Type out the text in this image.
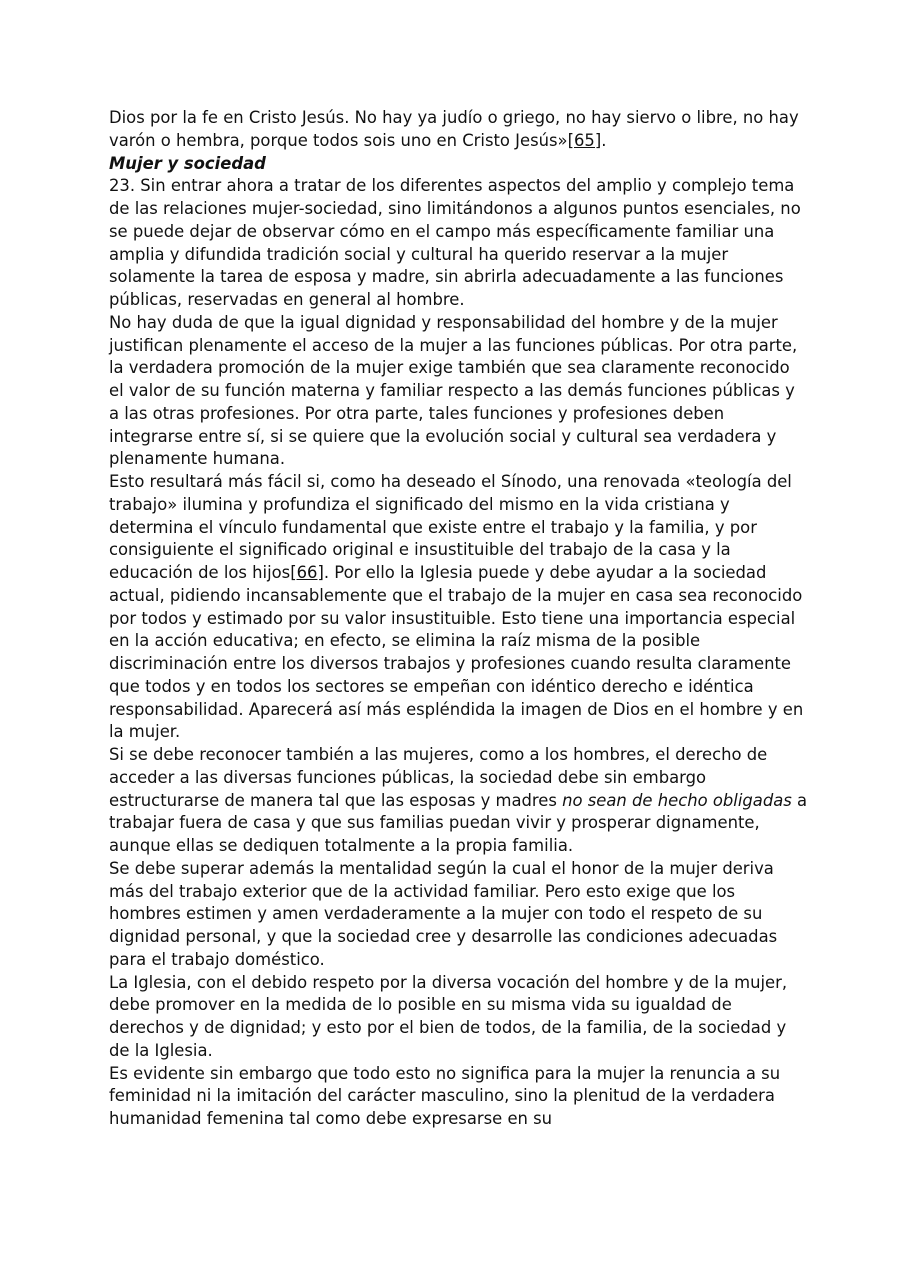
Dios por la fe en Cristo Jesús. No hay ya judío o griego, no hay siervo o libre, no hay varón o hembra, porque todos sois uno en Cristo Jesús»[65].

Mujer y sociedad

23. Sin entrar ahora a tratar de los diferentes aspectos del amplio y complejo tema de las relaciones mujer-sociedad, sino limitándonos a algunos puntos esenciales, no se puede dejar de observar cómo en el campo más específicamente familiar una amplia y difundida tradición social y cultural ha querido reservar a la mujer solamente la tarea de esposa y madre, sin abrirla adecuadamente a las funciones públicas, reservadas en general al hombre.

No hay duda de que la igual dignidad y responsabilidad del hombre y de la mujer justifican plenamente el acceso de la mujer a las funciones públicas. Por otra parte, la verdadera promoción de la mujer exige también que sea claramente reconocido el valor de su función materna y familiar respecto a las demás funciones públicas y a las otras profesiones. Por otra parte, tales funciones y profesiones deben integrarse entre sí, si se quiere que la evolución social y cultural sea verdadera y plenamente humana.

Esto resultará más fácil si, como ha deseado el Sínodo, una renovada «teología del trabajo» ilumina y profundiza el significado del mismo en la vida cristiana y determina el vínculo fundamental que existe entre el trabajo y la familia, y por consiguiente el significado original e insustituible del trabajo de la casa y la educación de los hijos[66]. Por ello la Iglesia puede y debe ayudar a la sociedad actual, pidiendo incansablemente que el trabajo de la mujer en casa sea reconocido por todos y estimado por su valor insustituible. Esto tiene una importancia especial en la acción educativa; en efecto, se elimina la raíz misma de la posible discriminación entre los diversos trabajos y profesiones cuando resulta claramente que todos y en todos los sectores se empeñan con idéntico derecho e idéntica responsabilidad. Aparecerá así más espléndida la imagen de Dios en el hombre y en la mujer.

Si se debe reconocer también a las mujeres, como a los hombres, el derecho de acceder a las diversas funciones públicas, la sociedad debe sin embargo estructurarse de manera tal que las esposas y madres no sean de hecho obligadas a trabajar fuera de casa y que sus familias puedan vivir y prosperar dignamente, aunque ellas se dediquen totalmente a la propia familia.

Se debe superar además la mentalidad según la cual el honor de la mujer deriva más del trabajo exterior que de la actividad familiar. Pero esto exige que los hombres estimen y amen verdaderamente a la mujer con todo el respeto de su dignidad personal, y que la sociedad cree y desarrolle las condiciones adecuadas para el trabajo doméstico.

La Iglesia, con el debido respeto por la diversa vocación del hombre y de la mujer, debe promover en la medida de lo posible en su misma vida su igualdad de derechos y de dignidad; y esto por el bien de todos, de la familia, de la sociedad y de la Iglesia.

Es evidente sin embargo que todo esto no significa para la mujer la renuncia a su feminidad ni la imitación del carácter masculino, sino la plenitud de la verdadera humanidad femenina tal como debe expresarse en su
